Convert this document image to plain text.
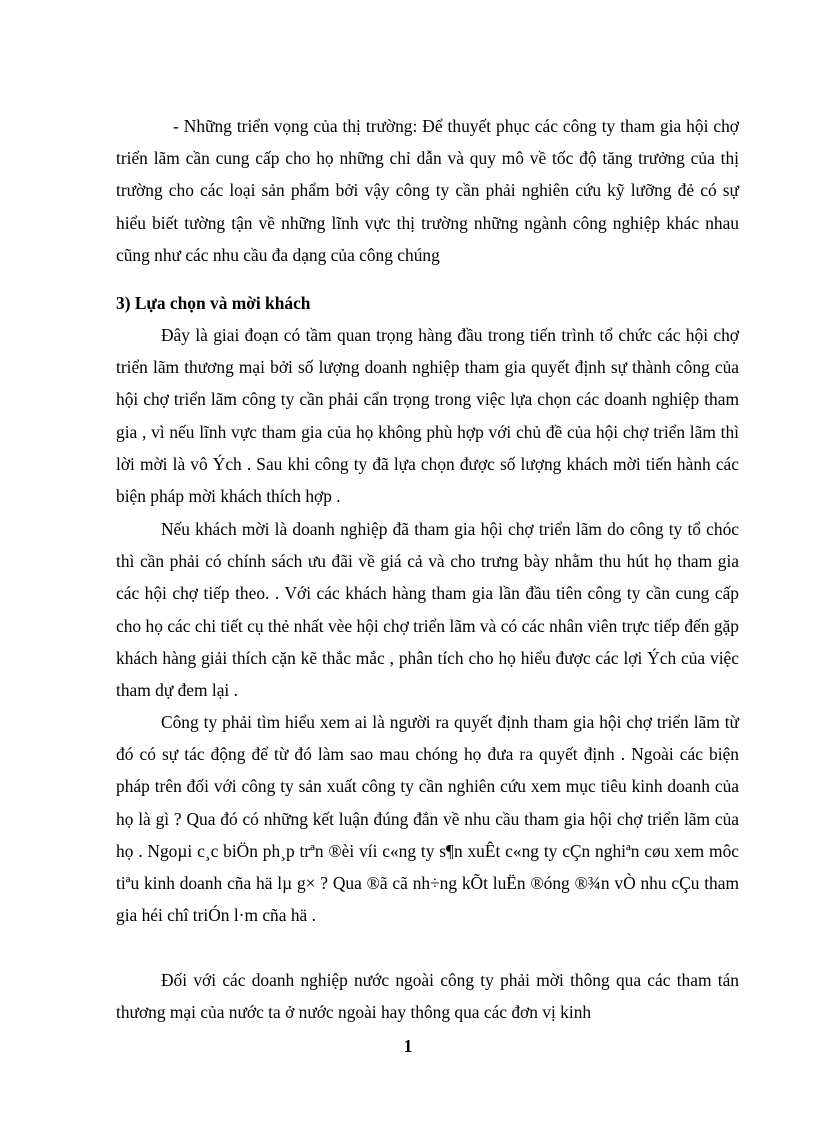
- Những triển vọng của thị trường: Để thuyết phục các công ty tham gia hội chợ triển lãm cần cung cấp cho họ những chỉ dẫn và quy mô về tốc độ tăng trưởng của thị trường cho các loại sản phẩm bởi vậy công ty cần phải nghiên cứu kỹ lưỡng đẻ có sự hiểu biết tường tận về những lĩnh vực thị trường những ngành công nghiệp khác nhau cũng như các nhu cầu đa dạng của công chúng

3) Lựa chọn và mời khách

Đây là giai đoạn có tầm quan trọng hàng đầu trong tiến trình tổ chức các hội chợ triển lãm thương mại bởi số lượng doanh nghiệp tham gia quyết định sự thành công của hội chợ triển lãm công ty cần phải cẩn trọng trong việc lựa chọn các doanh nghiệp tham gia , vì nếu lĩnh vực tham gia của họ không phù hợp với chủ đề của hội chợ triển lãm thì lời mời là vô Ých . Sau khi công ty đã lựa chọn được số lượng khách mời tiến hành các biện pháp mời khách thích hợp .

Nếu khách mời là doanh nghiệp đã tham gia hội chợ triển lãm do công ty tổ chóc thì cần phải có chính sách ưu đãi về giá cả và cho trưng bày nhằm thu hút họ tham gia các hội chợ tiếp theo. . Với các khách hàng tham gia lần đầu tiên công ty cần cung cấp cho họ các chi tiết cụ thẻ nhất vèe hội chợ triển lãm và có các nhân viên trực tiếp đến gặp khách hàng giải thích cặn kẽ thắc mắc , phân tích cho họ hiểu được các lợi Ých của việc tham dự đem lại .

Công ty phải tìm hiểu xem ai là người ra quyết định tham gia hội chợ triển lãm từ đó có sự tác động để từ đó làm sao mau chóng họ đưa ra quyết định . Ngoài các biện pháp trên đối với công ty sản xuất công ty cần nghiên cứu xem mục tiêu kinh doanh của họ là gì ? Qua đó có những kết luận đúng đắn về nhu cầu tham gia hội chợ triển lãm của họ . Ngoµi c¸c biÖn ph¸p trªn ®èi víi c«ng ty s¶n xuÊt c«ng ty cÇn nghiªn cøu xem môc tiªu kinh doanh cña hä lµ g× ? Qua ®ã cã nh÷ng kÕt luËn ®óng ®¾n vÒ nhu cÇu tham gia héi chî triÓn l·m cña hä .

Đối với các doanh nghiệp nước ngoài công ty phải mời thông qua các tham tán thương mại của nước ta ở nước ngoài hay thông qua các đơn vị kinh

1
